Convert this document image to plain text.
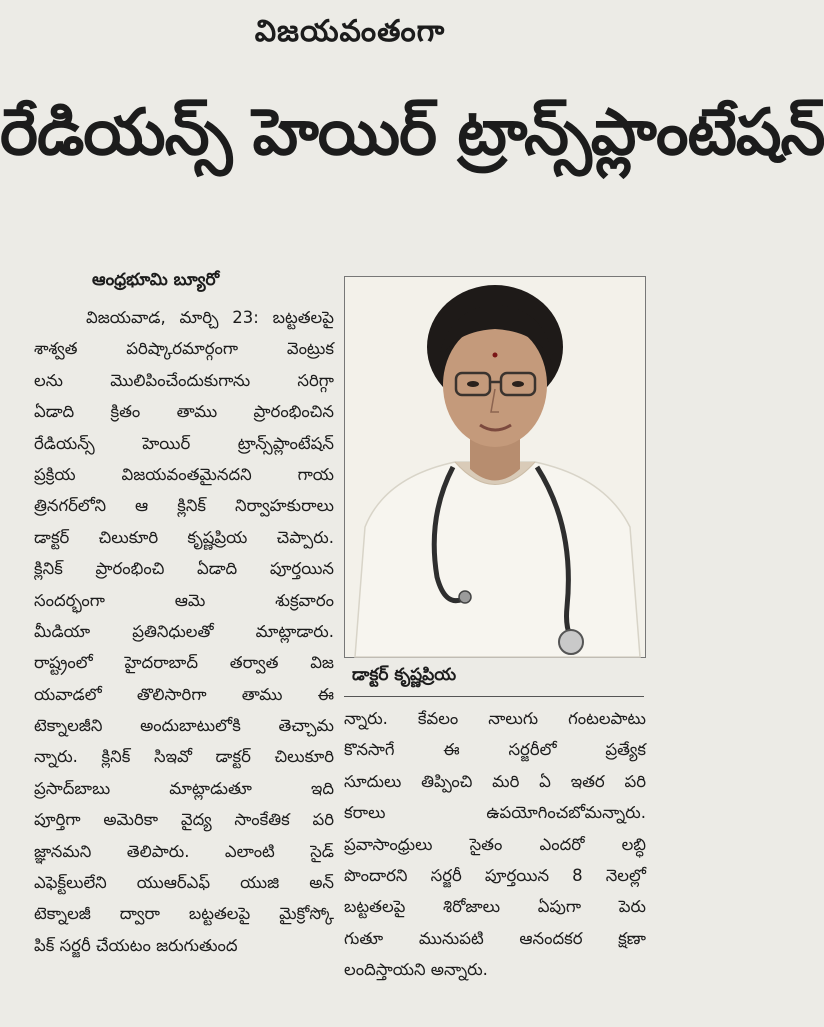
విజయవంతంగా
రేడియన్స్ హెయిర్ ట్రాన్స్‌ప్లాంటేషన్
ఆంధ్రభూమి బ్యూరో
విజయవాడ, మార్చి 23: బట్టతలపై
శాశ్వత పరిష్కారమార్గంగా వెంట్రుక
లను మొలిపించేందుకుగాను సరిగ్గా
ఏడాది క్రితం తాము ప్రారంభించిన
రేడియన్స్ హెయిర్ ట్రాన్స్‌ప్లాంటేషన్
ప్రక్రియ విజయవంతమైనదని గాయ
త్రినగర్‌లోని ఆ క్లినిక్ నిర్వాహకురాలు
డాక్టర్ చిలుకూరి కృష్ణప్రియ చెప్పారు.
క్లినిక్ ప్రారంభించి ఏడాది పూర్తయిన
సందర్భంగా ఆమె శుక్రవారం
మీడియా ప్రతినిధులతో మాట్లాడారు.
రాష్ట్రంలో హైదరాబాద్ తర్వాత విజ
యవాడలో తొలిసారిగా తాము ఈ
టెక్నాలజీని అందుబాటులోకి తెచ్చామ
న్నారు. క్లినిక్ సిఇవో డాక్టర్ చిలుకూరి
ప్రసాద్‌బాబు మాట్లాడుతూ ఇది
పూర్తిగా అమెరికా వైద్య సాంకేతిక పరి
జ్ఞానమని తెలిపారు. ఎలాంటి సైడ్
ఎఫెక్ట్‌లులేని యుఆర్‌ఎఫ్ యుజి అన్
టెక్నాలజీ ద్వారా బట్టతలపై మైక్రోస్కో
పిక్ సర్జరీ చేయటం జరుగుతుంద
డాక్టర్ కృష్ణప్రియ
న్నారు. కేవలం నాలుగు గంటలపాటు
కొనసాగే ఈ సర్జరీలో ప్రత్యేక
సూదులు తిప్పించి మరి ఏ ఇతర పరి
కరాలు ఉపయోగించబోమన్నారు.
ప్రవాసాంధ్రులు సైతం ఎందరో లబ్ధి
పొందారని సర్జరీ పూర్తయిన 8 నెలల్లో
బట్టతలపై శిరోజాలు ఏపుగా పెరు
గుతూ మునుపటి ఆనందకర క్షణా
లందిస్తాయని అన్నారు.
